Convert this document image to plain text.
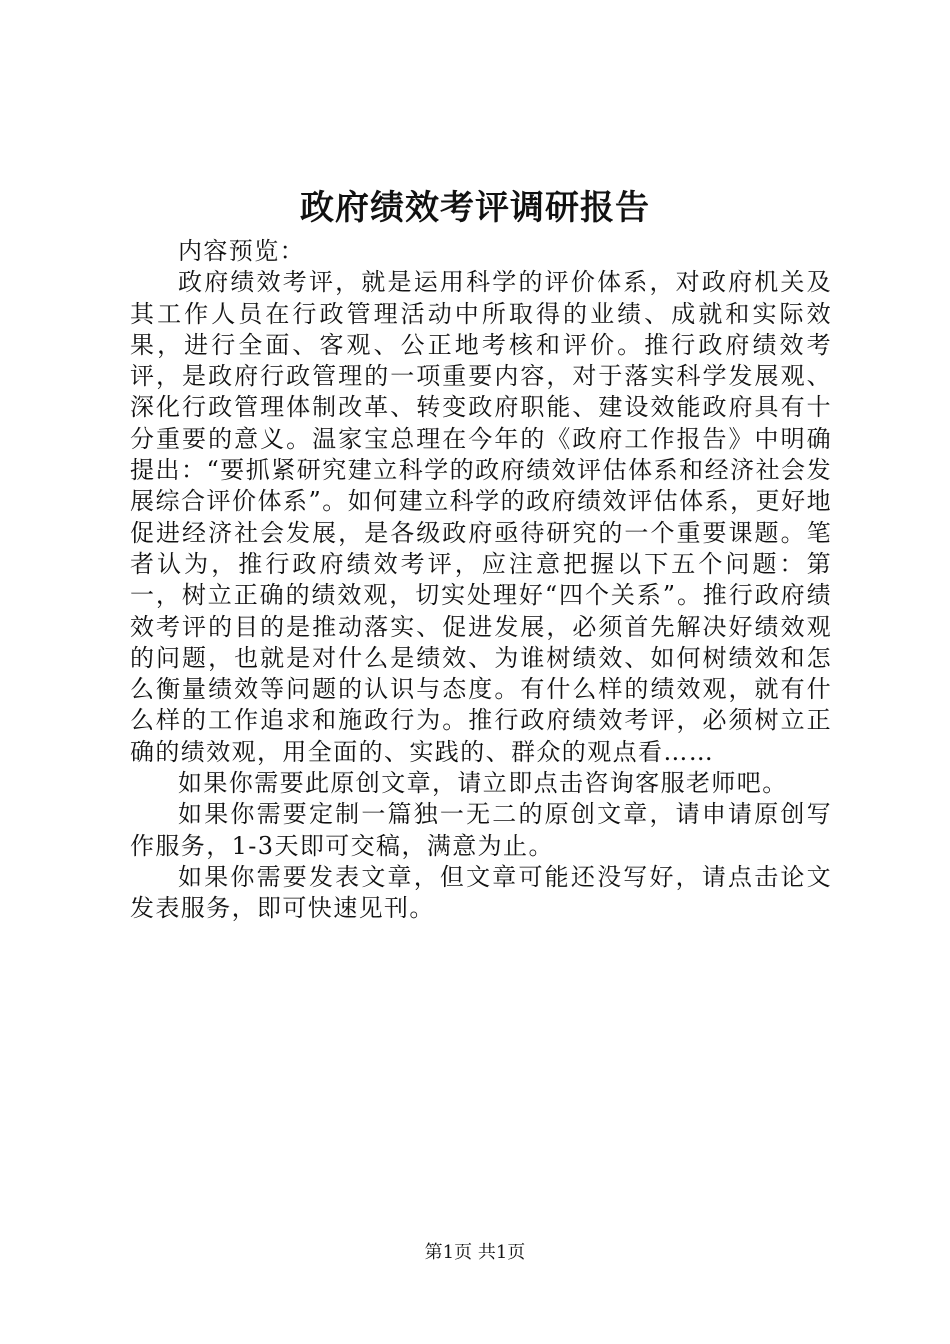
政府绩效考评调研报告

内容预览：

政府绩效考评，就是运用科学的评价体系，对政府机关及其工作人员在行政管理活动中所取得的业绩、成就和实际效果，进行全面、客观、公正地考核和评价。推行政府绩效考评，是政府行政管理的一项重要内容，对于落实科学发展观、深化行政管理体制改革、转变政府职能、建设效能政府具有十分重要的意义。温家宝总理在今年的《政府工作报告》中明确提出：“要抓紧研究建立科学的政府绩效评估体系和经济社会发展综合评价体系”。如何建立科学的政府绩效评估体系，更好地促进经济社会发展，是各级政府亟待研究的一个重要课题。笔者认为，推行政府绩效考评，应注意把握以下五个问题：第一，树立正确的绩效观，切实处理好“四个关系”。推行政府绩效考评的目的是推动落实、促进发展，必须首先解决好绩效观的问题，也就是对什么是绩效、为谁树绩效、如何树绩效和怎么衡量绩效等问题的认识与态度。有什么样的绩效观，就有什么样的工作追求和施政行为。推行政府绩效考评，必须树立正确的绩效观，用全面的、实践的、群众的观点看……

如果你需要此原创文章，请立即点击咨询客服老师吧。

如果你需要定制一篇独一无二的原创文章，请申请原创写作服务，1-3天即可交稿，满意为止。

如果你需要发表文章，但文章可能还没写好，请点击论文发表服务，即可快速见刊。

第1页 共1页
